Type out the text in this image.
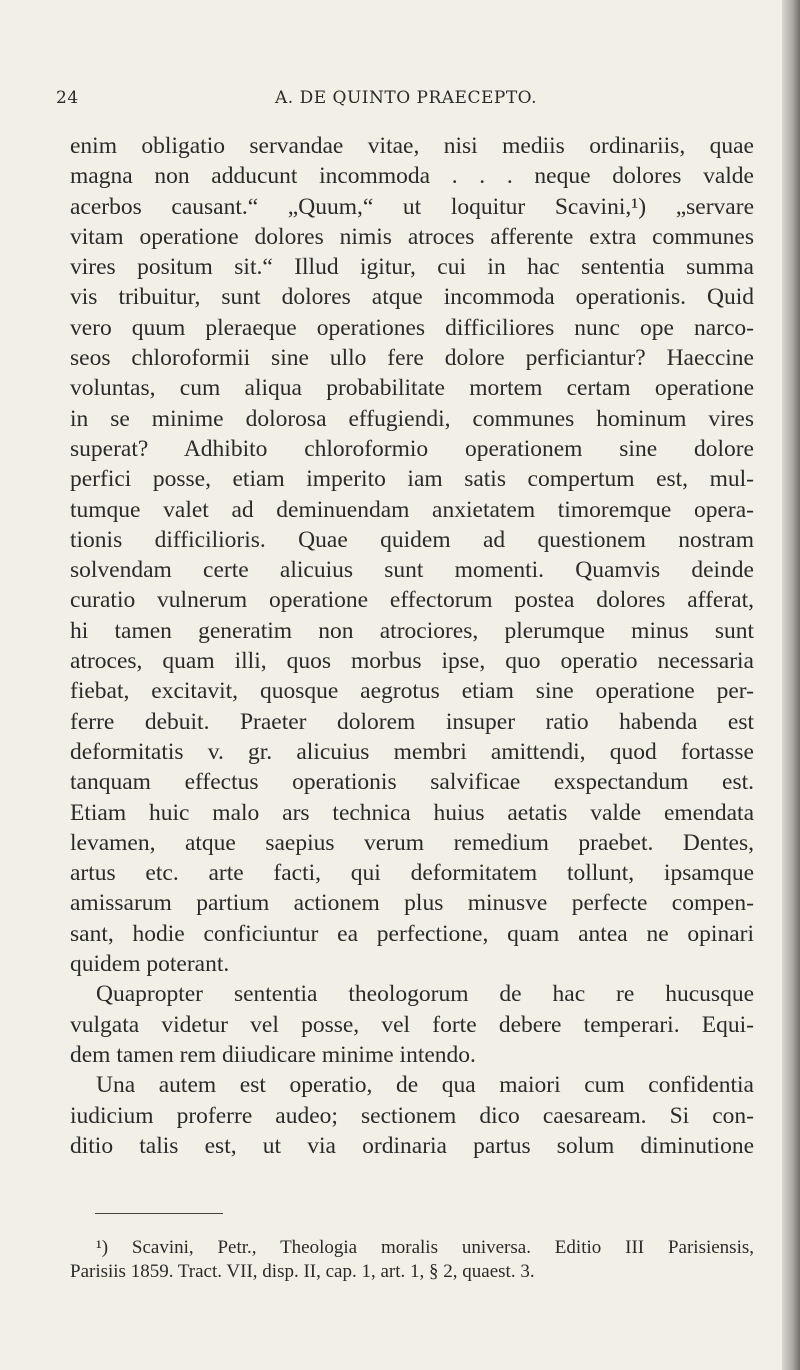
24	A. DE QUINTO PRAECEPTO.
enim obligatio servandae vitae, nisi mediis ordinariis, quae
magna non adducunt incommoda . . . neque dolores valde
acerbos causant.“ „Quum,“ ut loquitur Scavini,¹) „servare
vitam operatione dolores nimis atroces afferente extra communes
vires positum sit.“ Illud igitur, cui in hac sententia summa
vis tribuitur, sunt dolores atque incommoda operationis. Quid
vero quum pleraeque operationes difficiliores nunc ope narco-
seos chloroformii sine ullo fere dolore perficiantur? Haeccine
voluntas, cum aliqua probabilitate mortem certam operatione
in se minime dolorosa effugiendi, communes hominum vires
superat? Adhibito chloroformio operationem sine dolore
perfici posse, etiam imperito iam satis compertum est, mul-
tumque valet ad deminuendam anxietatem timoremque opera-
tionis difficilioris. Quae quidem ad questionem nostram
solvendam certe alicuius sunt momenti. Quamvis deinde
curatio vulnerum operatione effectorum postea dolores afferat,
hi tamen generatim non atrociores, plerumque minus sunt
atroces, quam illi, quos morbus ipse, quo operatio necessaria
fiebat, excitavit, quosque aegrotus etiam sine operatione per-
ferre debuit. Praeter dolorem insuper ratio habenda est
deformitatis v. gr. alicuius membri amittendi, quod fortasse
tanquam effectus operationis salvificae exspectandum est.
Etiam huic malo ars technica huius aetatis valde emendata
levamen, atque saepius verum remedium praebet. Dentes,
artus etc. arte facti, qui deformitatem tollunt, ipsamque
amissarum partium actionem plus minusve perfecte compen-
sant, hodie conficiuntur ea perfectione, quam antea ne opinari
quidem poterant.
Quapropter sententia theologorum de hac re hucusque
vulgata videtur vel posse, vel forte debere temperari. Equi-
dem tamen rem diiudicare minime intendo.
Una autem est operatio, de qua maiori cum confidentia
iudicium proferre audeo; sectionem dico caesaream. Si con-
ditio talis est, ut via ordinaria partus solum diminutione
¹) Scavini, Petr., Theologia moralis universa. Editio III Parisiensis,
Parisiis 1859. Tract. VII, disp. II, cap. 1, art. 1, § 2, quaest. 3.
